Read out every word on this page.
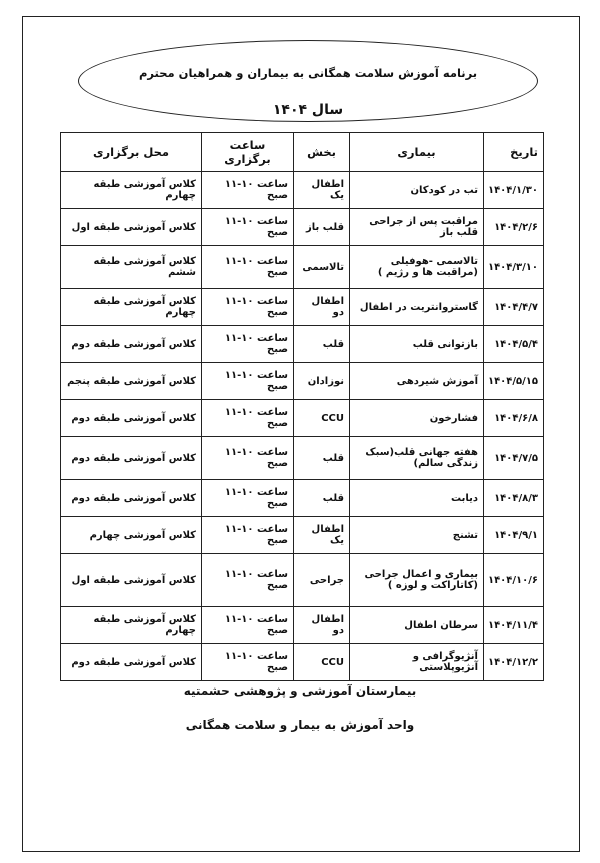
برنامه آموزش سلامت همگانی به بیماران و همراهیان محترم
سال ۱۴۰۴
تاریخ	بیماری	بخش	ساعت برگزاری	محل برگزاری
۱۴۰۴/۱/۳۰	تب در کودکان	اطفال یک	ساعت ۱۰-۱۱ صبح	کلاس آموزشی طبقه چهارم
۱۴۰۴/۲/۶	مراقبت پس از جراحی قلب باز	قلب باز	ساعت ۱۰-۱۱ صبح	کلاس آموزشی طبقه اول
۱۴۰۴/۳/۱۰	تالاسمی -هوفیلی (مراقبت ها و رژیم )	تالاسمی	ساعت ۱۰-۱۱ صبح	کلاس آموزشی طبقه ششم
۱۴۰۴/۴/۷	گاستروانتریت در اطفال	اطفال دو	ساعت ۱۰-۱۱ صبح	کلاس آموزشی طبقه چهارم
۱۴۰۴/۵/۴	بازتوانی قلب	قلب	ساعت ۱۰-۱۱ صبح	کلاس آموزشی طبقه دوم
۱۴۰۴/۵/۱۵	آموزش شیردهی	نوزادان	ساعت ۱۰-۱۱ صبح	کلاس آموزشی طبقه پنجم
۱۴۰۴/۶/۸	فشارخون	CCU	ساعت ۱۰-۱۱ صبح	کلاس آموزشی طبقه دوم
۱۴۰۴/۷/۵	هفته جهانی قلب(سبک زندگی سالم)	قلب	ساعت ۱۰-۱۱ صبح	کلاس آموزشی طبقه دوم
۱۴۰۴/۸/۳	دیابت	قلب	ساعت ۱۰-۱۱ صبح	کلاس آموزشی طبقه دوم
۱۴۰۴/۹/۱	تشنج	اطفال یک	ساعت ۱۰-۱۱ صبح	کلاس آموزشی چهارم
۱۴۰۴/۱۰/۶	بیماری و اعمال جراحی (کاتاراکت و لوزه )	جراحی	ساعت ۱۰-۱۱ صبح	کلاس آموزشی طبقه اول
۱۴۰۴/۱۱/۴	سرطان اطفال	اطفال دو	ساعت ۱۰-۱۱ صبح	کلاس آموزشی طبقه چهارم
۱۴۰۴/۱۲/۲	آنژیوگرافی و آنژیوپلاستی	CCU	ساعت ۱۰-۱۱ صبح	کلاس آموزشی طبقه دوم
بیمارستان آموزشی و پژوهشی حشمتیه
واحد آموزش به بیمار و سلامت همگانی
